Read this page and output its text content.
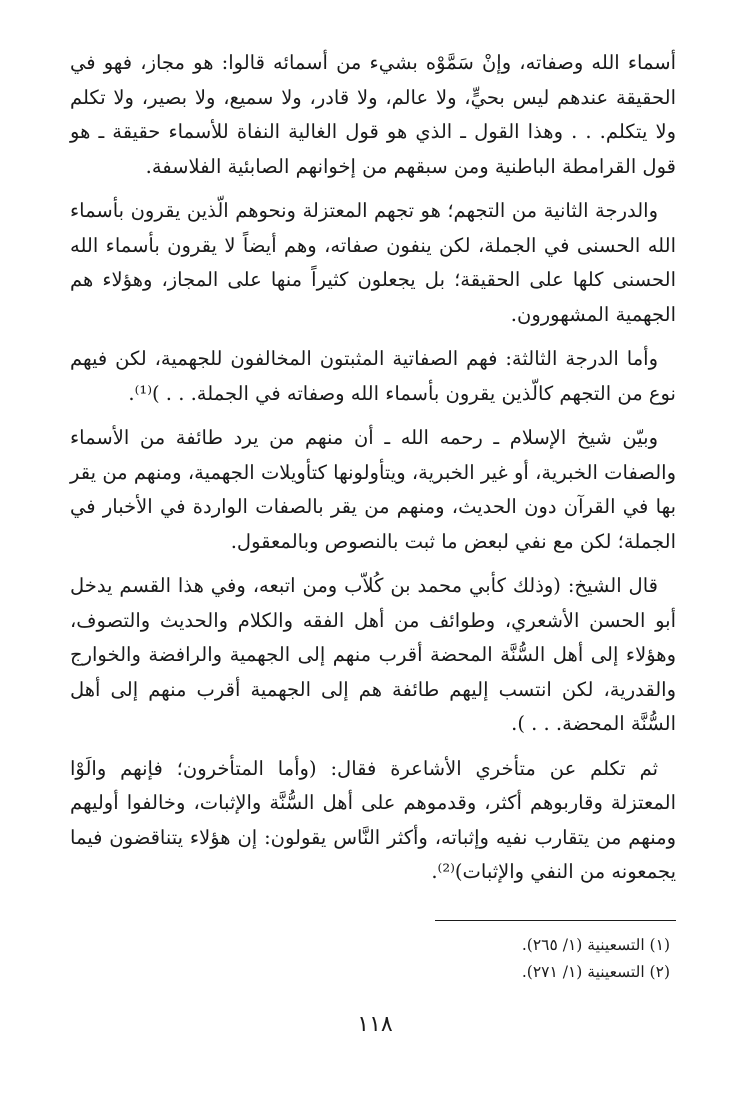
أسماء الله وصفاته، وإنْ سَمَّوْه بشيء من أسمائه قالوا: هو مجاز، فهو في الحقيقة عندهم ليس بحيٍّ، ولا عالم، ولا قادر، ولا سميع، ولا بصير، ولا تكلم ولا يتكلم. . . وهذا القول ـ الذي هو قول الغالية النفاة للأسماء حقيقة ـ هو قول القرامطة الباطنية ومن سبقهم من إخوانهم الصابئية الفلاسفة.

والدرجة الثانية من التجهم؛ هو تجهم المعتزلة ونحوهم الّذين يقرون بأسماء الله الحسنى في الجملة، لكن ينفون صفاته، وهم أيضاً لا يقرون بأسماء الله الحسنى كلها على الحقيقة؛ بل يجعلون كثيراً منها على المجاز، وهؤلاء هم الجهمية المشهورون.

وأما الدرجة الثالثة: فهم الصفاتية المثبتون المخالفون للجهمية، لكن فيهم نوع من التجهم كالّذين يقرون بأسماء الله وصفاته في الجملة. . . )⁽¹⁾.

وبيّن شيخ الإسلام ـ رحمه الله ـ أن منهم من يرد طائفة من الأسماء والصفات الخبرية، أو غير الخبرية، ويتأولونها كتأويلات الجهمية، ومنهم من يقر بها في القرآن دون الحديث، ومنهم من يقر بالصفات الواردة في الأخبار في الجملة؛ لكن مع نفي لبعض ما ثبت بالنصوص وبالمعقول.

قال الشيخ: (وذلك كأبي محمد بن كُلاّب ومن اتبعه، وفي هذا القسم يدخل أبو الحسن الأشعري، وطوائف من أهل الفقه والكلام والحديث والتصوف، وهؤلاء إلى أهل السُّنَّة المحضة أقرب منهم إلى الجهمية والرافضة والخوارج والقدرية، لكن انتسب إليهم طائفة هم إلى الجهمية أقرب منهم إلى أهل السُّنَّة المحضة. . . ).

ثم تكلم عن متأخري الأشاعرة فقال: (وأما المتأخرون؛ فإنهم والَوْا المعتزلة وقاربوهم أكثر، وقدموهم على أهل السُّنَّة والإثبات، وخالفوا أوليهم ومنهم من يتقارب نفيه وإثباته، وأكثر النَّاس يقولون: إن هؤلاء يتناقضون فيما يجمعونه من النفي والإثبات)⁽²⁾.

(١) التسعينية (١/ ٢٦٥).
(٢) التسعينية (١/ ٢٧١).
١١٨
